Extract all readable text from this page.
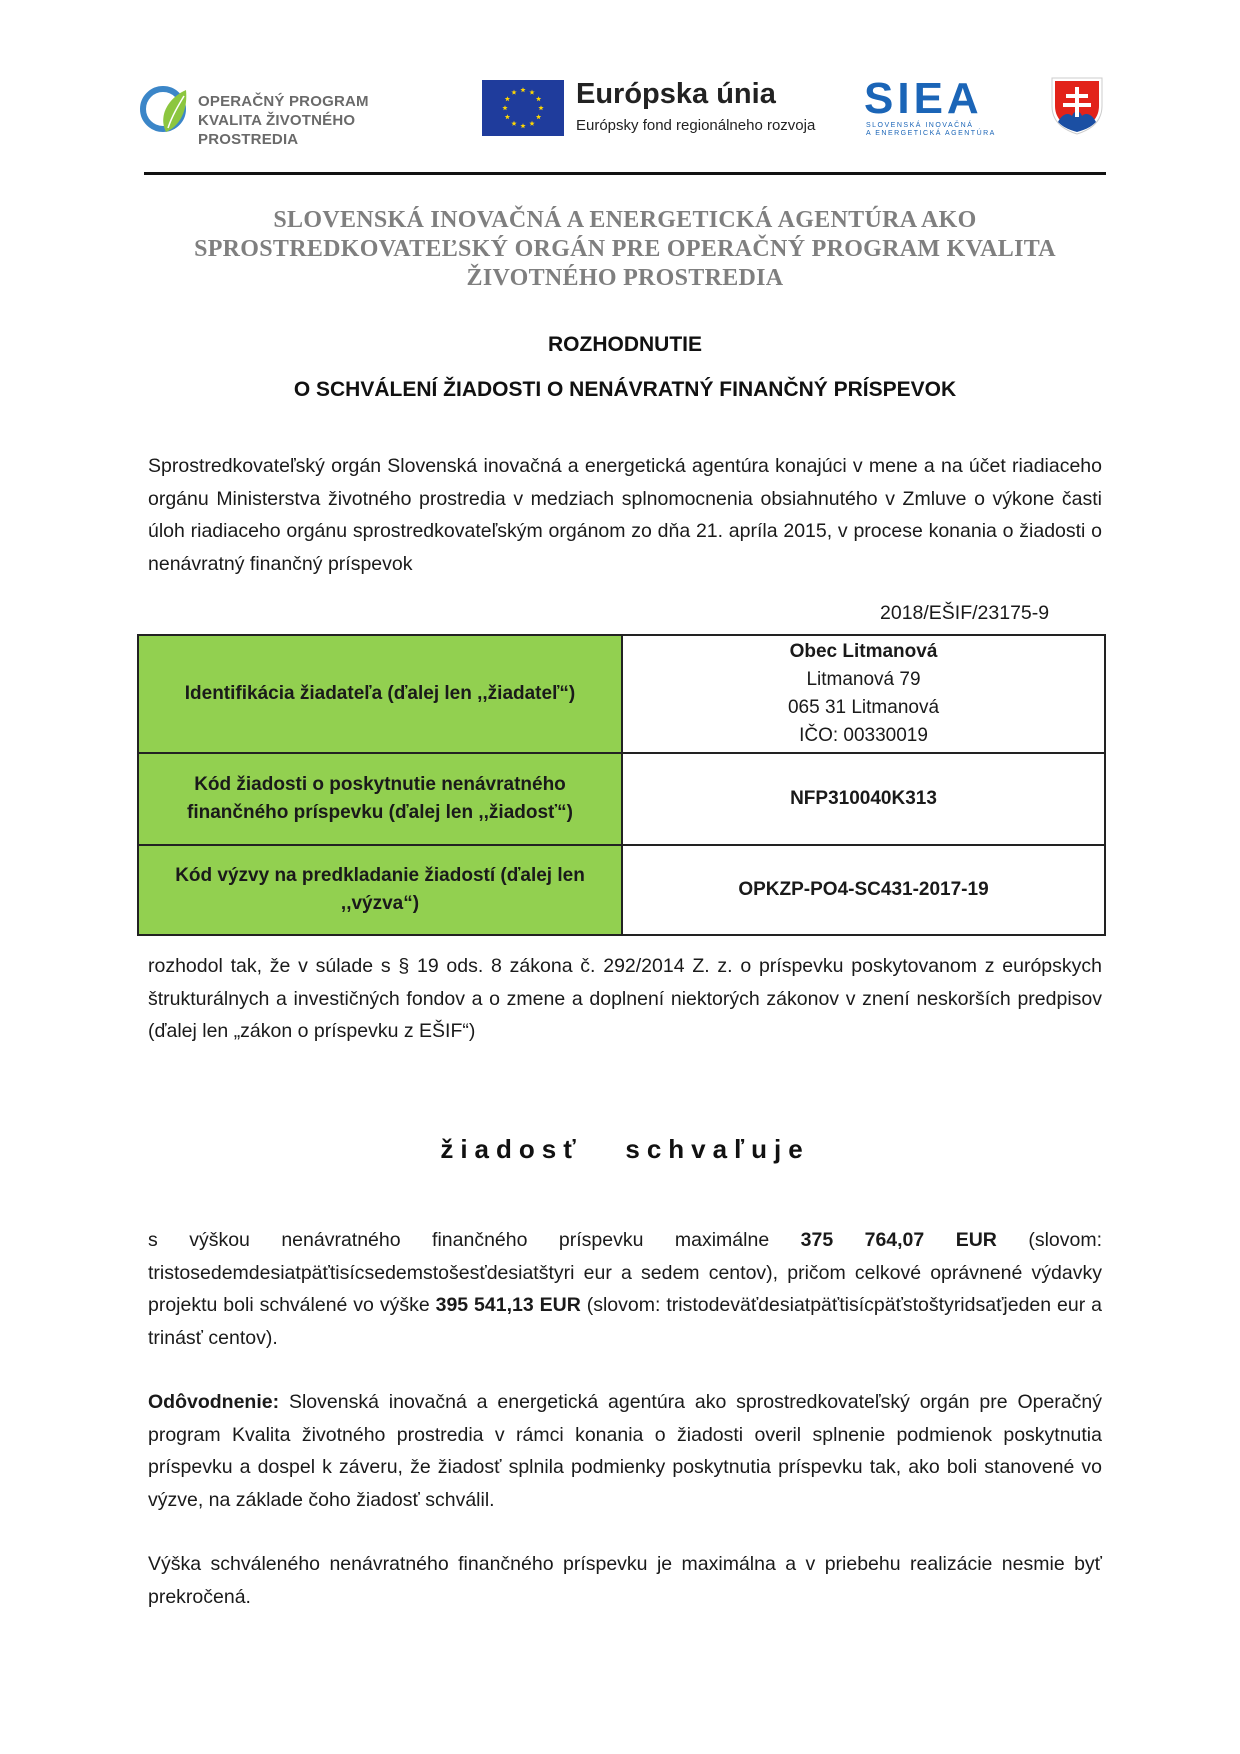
OPERAČNÝ PROGRAM
KVALITA ŽIVOTNÉHO PROSTREDIA
Európska únia
Európsky fond regionálneho rozvoja
SIEA
SLOVENSKÁ INOVAČNÁ
A ENERGETICKÁ AGENTÚRA
SLOVENSKÁ INOVAČNÁ A ENERGETICKÁ AGENTÚRA AKO
SPROSTREDKOVATEĽSKÝ ORGÁN PRE OPERAČNÝ PROGRAM KVALITA
ŽIVOTNÉHO PROSTREDIA
ROZHODNUTIE
O SCHVÁLENÍ ŽIADOSTI O NENÁVRATNÝ FINANČNÝ PRÍSPEVOK
Sprostredkovateľský orgán Slovenská inovačná a energetická agentúra konajúci v mene a na účet riadiaceho orgánu Ministerstva životného prostredia v medziach splnomocnenia obsiahnutého v Zmluve o výkone časti úloh riadiaceho orgánu sprostredkovateľským orgánom zo dňa 21. apríla 2015, v procese konania o žiadosti o nenávratný finančný príspevok
2018/EŠIF/23175-9
Identifikácia žiadateľa (ďalej len ,,žiadateľ“)	Obec Litmanová
Litmanová 79
065 31 Litmanová
IČO: 00330019

Kód žiadosti o poskytnutie nenávratného finančného príspevku (ďalej len ,,žiadosť“)	NFP310040K313
Kód výzvy na predkladanie žiadostí (ďalej len ,,výzva“)	OPKZP-PO4-SC431-2017-19
rozhodol tak, že v súlade s § 19 ods. 8 zákona č. 292/2014 Z. z. o príspevku poskytovanom z európskych štrukturálnych a investičných fondov a o zmene a doplnení niektorých zákonov v znení neskorších predpisov (ďalej len „zákon o príspevku z EŠIF“)
žiadosť   schvaľuje
s výškou nenávratného finančného príspevku maximálne 375 764,07 EUR (slovom: tristosedemdesiatpäťtisícsedemstošesťdesiatštyri eur a sedem centov), pričom celkové oprávnené výdavky projektu boli schválené vo výške 395 541,13 EUR (slovom: tristodeväťdesiatpäťtisícpäťstoštyridsaťjeden eur a trinásť centov).
Odôvodnenie: Slovenská inovačná a energetická agentúra ako sprostredkovateľský orgán pre Operačný program Kvalita životného prostredia v rámci konania o žiadosti overil splnenie podmienok poskytnutia príspevku a dospel k záveru, že žiadosť splnila podmienky poskytnutia príspevku tak, ako boli stanovené vo výzve, na základe čoho žiadosť schválil.
Výška schváleného nenávratného finančného príspevku je maximálna a v priebehu realizácie nesmie byť prekročená.
